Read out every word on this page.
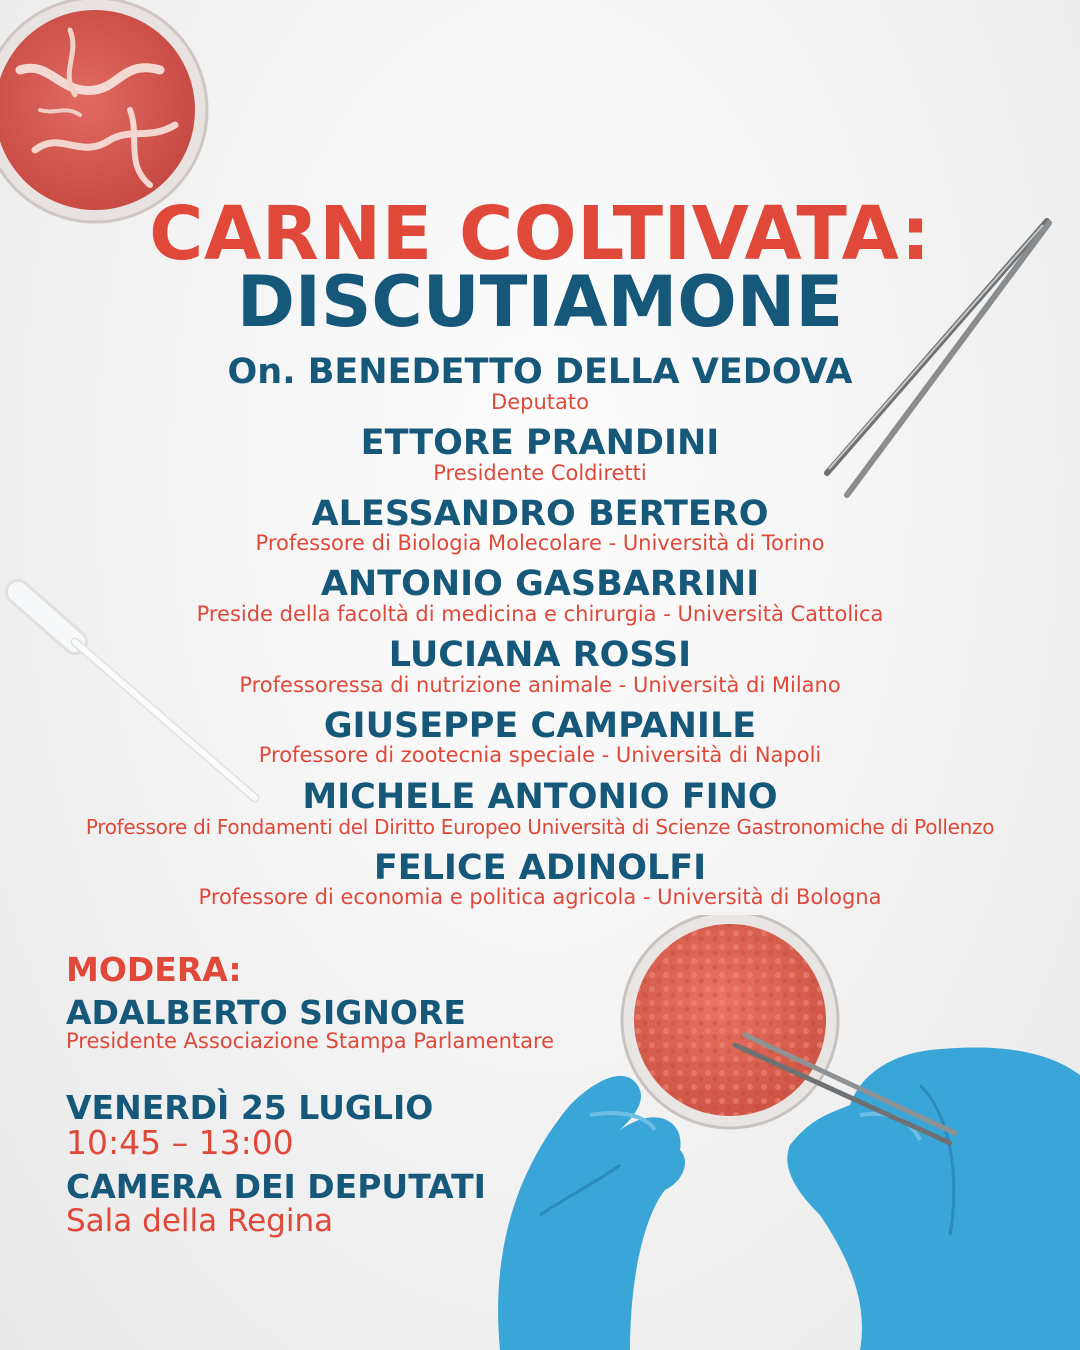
CARNE COLTIVATA:
DISCUTIAMONE
On. BENEDETTO DELLA VEDOVA
Deputato
ETTORE PRANDINI
Presidente Coldiretti
ALESSANDRO BERTERO
Professore di Biologia Molecolare - Università di Torino
ANTONIO GASBARRINI
Preside della facoltà di medicina e chirurgia - Università Cattolica
LUCIANA ROSSI
Professoressa di nutrizione animale - Università di Milano
GIUSEPPE CAMPANILE
Professore di zootecnia speciale - Università di Napoli
MICHELE ANTONIO FINO
Professore di Fondamenti del Diritto Europeo Università di Scienze Gastronomiche di Pollenzo
FELICE ADINOLFI
Professore di economia e politica agricola - Università di Bologna
MODERA:
ADALBERTO SIGNORE
Presidente Associazione Stampa Parlamentare
VENERDÌ 25 LUGLIO
10:45 – 13:00
CAMERA DEI DEPUTATI
Sala della Regina
